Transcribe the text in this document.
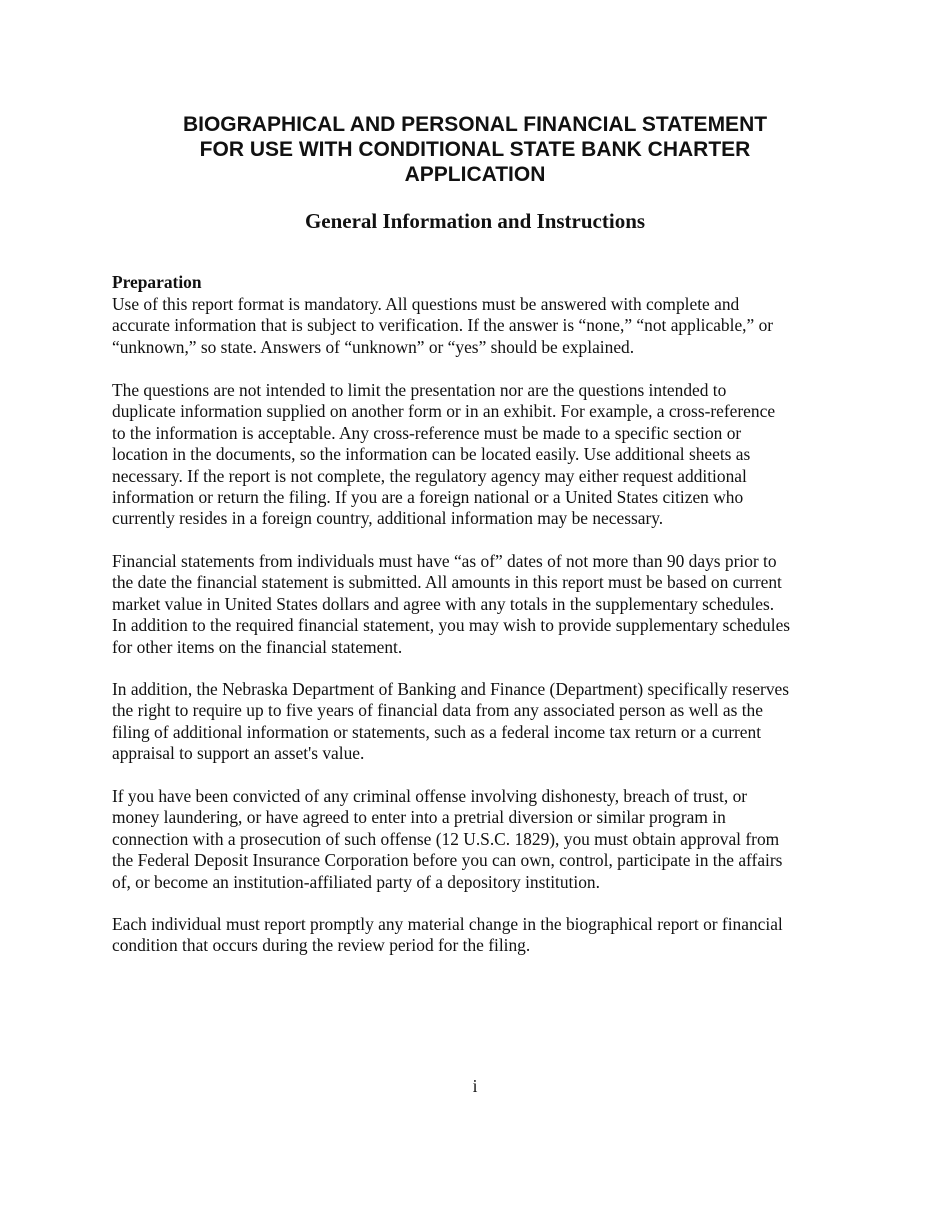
BIOGRAPHICAL AND PERSONAL FINANCIAL STATEMENT
FOR USE WITH CONDITIONAL STATE BANK CHARTER
APPLICATION
General Information and Instructions
Preparation

Use of this report format is mandatory. All questions must be answered with complete and
accurate information that is subject to verification. If the answer is “none,” “not applicable,” or
“unknown,” so state. Answers of “unknown” or “yes” should be explained.

The questions are not intended to limit the presentation nor are the questions intended to
duplicate information supplied on another form or in an exhibit. For example, a cross-reference
to the information is acceptable. Any cross-reference must be made to a specific section or
location in the documents, so the information can be located easily. Use additional sheets as
necessary. If the report is not complete, the regulatory agency may either request additional
information or return the filing. If you are a foreign national or a United States citizen who
currently resides in a foreign country, additional information may be necessary.

Financial statements from individuals must have “as of” dates of not more than 90 days prior to
the date the financial statement is submitted. All amounts in this report must be based on current
market value in United States dollars and agree with any totals in the supplementary schedules.
In addition to the required financial statement, you may wish to provide supplementary schedules
for other items on the financial statement.

In addition, the Nebraska Department of Banking and Finance (Department) specifically reserves
the right to require up to five years of financial data from any associated person as well as the
filing of additional information or statements, such as a federal income tax return or a current
appraisal to support an asset's value.

If you have been convicted of any criminal offense involving dishonesty, breach of trust, or
money laundering, or have agreed to enter into a pretrial diversion or similar program in
connection with a prosecution of such offense (12 U.S.C. 1829), you must obtain approval from
the Federal Deposit Insurance Corporation before you can own, control, participate in the affairs
of, or become an institution-affiliated party of a depository institution.

Each individual must report promptly any material change in the biographical report or financial
condition that occurs during the review period for the filing.

i
